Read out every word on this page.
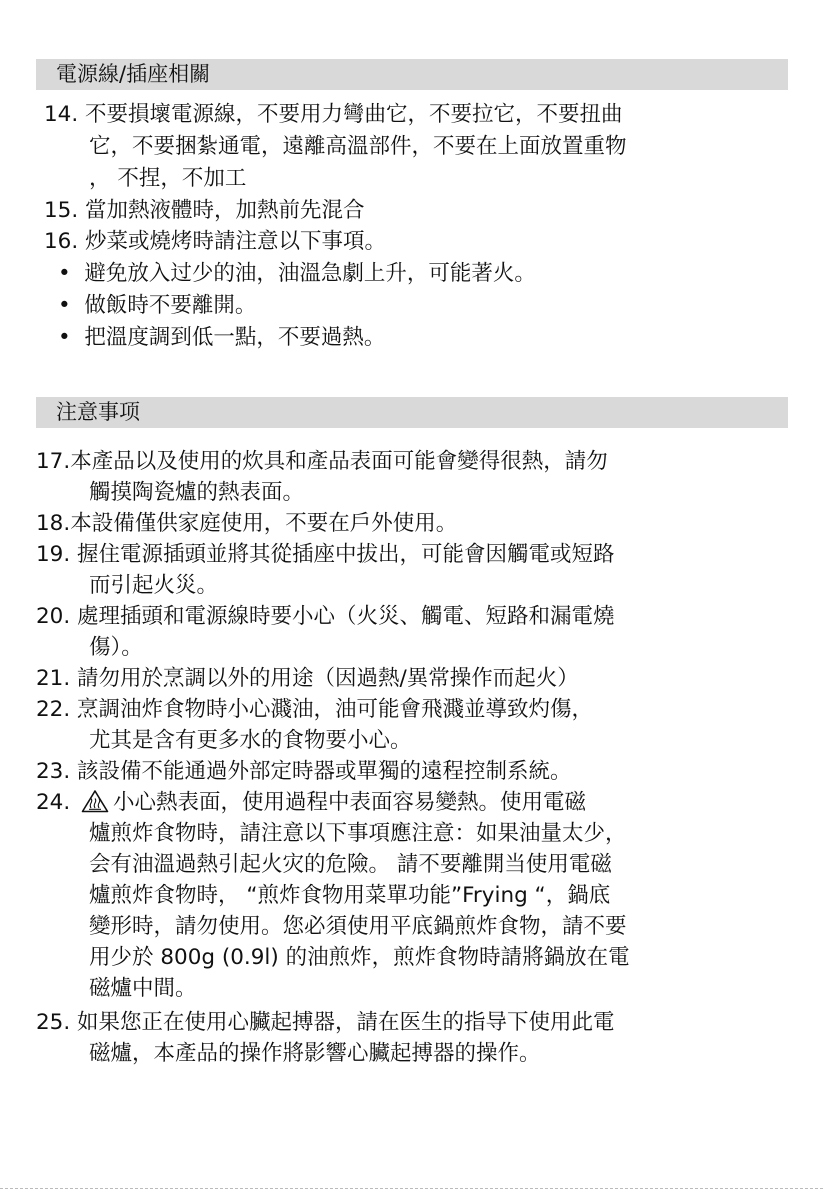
電源線/插座相關
14. 不要損壞電源線，不要用力彎曲它，不要拉它，不要扭曲
它，不要捆紮通電，遠離高溫部件，不要在上面放置重物
， 不捏，不加工
15. 當加熱液體時，加熱前先混合
16. 炒菜或燒烤時請注意以下事項。
•  避免放入过少的油，油溫急劇上升，可能著火。
•  做飯時不要離開。
•  把溫度調到低一點，不要過熱。
注意事项
17.本產品以及使用的炊具和產品表面可能會變得很熱，請勿
觸摸陶瓷爐的熱表面。
18.本設備僅供家庭使用，不要在戶外使用。
19. 握住電源插頭並將其從插座中拔出，可能會因觸電或短路
而引起火災。
20. 處理插頭和電源線時要小心（火災、觸電、短路和漏電燒
傷）。
21. 請勿用於烹調以外的用途（因過熱/異常操作而起火）
22. 烹調油炸食物時小心濺油，油可能會飛濺並導致灼傷，
尤其是含有更多水的食物要小心。
23. 該設備不能通過外部定時器或單獨的遠程控制系統。
24. 小心熱表面，使用過程中表面容易變熱。使用電磁
爐煎炸食物時，請注意以下事項應注意：如果油量太少，
会有油溫過熱引起火灾的危險。 請不要離開当使用電磁
爐煎炸食物時， “煎炸食物用菜單功能”Frying “，鍋底
變形時，請勿使用。您必須使用平底鍋煎炸食物，請不要
用少於 800g (0.9l) 的油煎炸，煎炸食物時請將鍋放在電
磁爐中間。
25. 如果您正在使用心臟起搏器，請在医生的指导下使用此電
磁爐，本產品的操作將影響心臟起搏器的操作。
